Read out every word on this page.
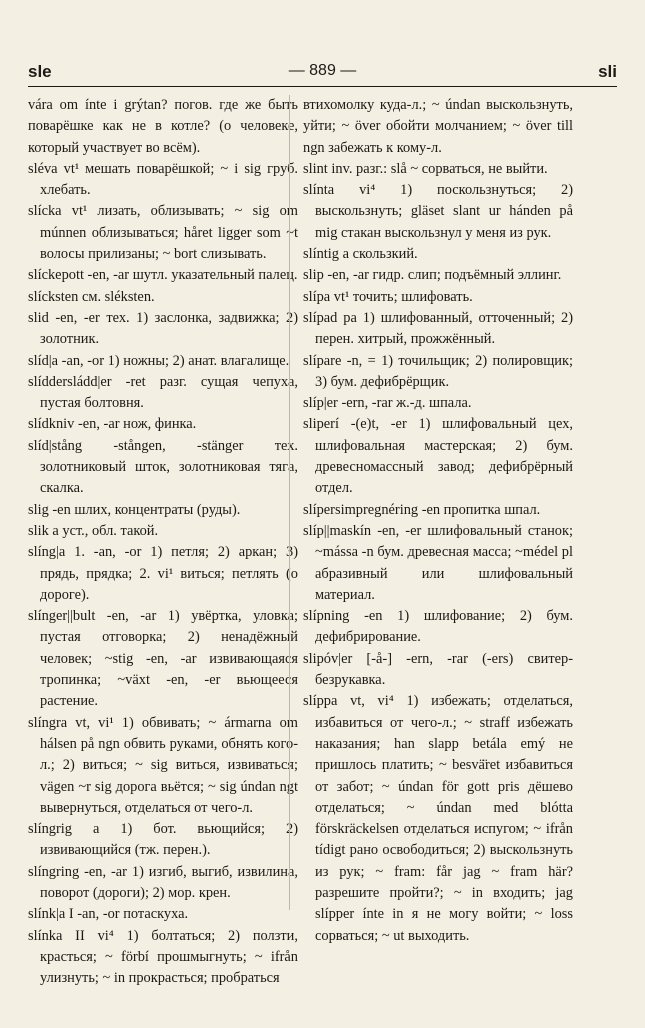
sle	— 889 —	sli

vára om ínte i grýtan? погов. где же быть поварёшке как не в котле? (о человеке, который участвует во всём).

sléva vt¹ мешать поварёшкой; ~ i sig груб. хлебать.

slícka vt¹ лизать, облизывать; ~ sig om múnnen облизываться; håret ligger som ~t волосы прилизаны; ~ bort слизывать.

slíckepott -en, -ar шутл. указательный палец.

slícksten см. sléksten.

slid -en, -er тех. 1) заслонка, задвижка; 2) золотник.

slíd|a -an, -or 1) ножны; 2) анат. влагалище.

slíddersládd|er -ret разг. сущая чепуха, пустая болтовня.

slídkniv -en, -ar нож, финка.

slíd|stång -stången, -stänger тех. золотниковый шток, золотниковая тяга, скалка.

slig -en шлих, концентраты (руды).

slik a уст., обл. такой.

slíng|a 1. -an, -or 1) петля; 2) аркан; 3) прядь, прядка; 2. vi¹ виться; петлять (о дороге).

slínger||bult -en, -ar 1) увёртка, уловка; пустая отговорка; 2) ненадёжный человек; ~stig -en, -ar извивающаяся тропинка; ~växt -en, -er вьющееся растение.

slíngra vt, vi¹ 1) обвивать; ~ ármarna om hálsen på ngn обвить руками, обнять кого-л.; 2) виться; ~ sig виться, извиваться; vägen ~r sig дорога вьётся; ~ sig úndan ngt вывернуться, отделаться от чего-л.

slíngrig a 1) бот. вьющийся; 2) извивающийся (тж. перен.).

slíngring -en, -ar 1) изгиб, выгиб, извилина, поворот (дороги); 2) мор. крен.

slínk|a I -an, -or потаскуха.

slínka II vi⁴ 1) болтаться; 2) ползти, красться; ~ förbí прошмыгнуть; ~ ifrån улизнуть; ~ in прокрасться; пробраться

втихомолку куда-л.; ~ úndan выскользнуть, уйти; ~ över обойти молчанием; ~ över till ngn забежать к кому-л.

slint inv. разг.: slå ~ сорваться, не выйти.

slínta vi⁴ 1) поскользнуться; 2) выскользнуть; gläset slant ur hánden på mig стакан выскользнул у меня из рук.

slíntig a скользкий.

slip -en, -ar гидр. слип; подъёмный эллинг.

slípa vt¹ точить; шлифовать.

slípad pa 1) шлифованный, отточенный; 2) перен. хитрый, прожжённый.

slípare -n, = 1) точильщик; 2) полировщик; 3) бум. дефибрёрщик.

slíp|er -ern, -rar ж.-д. шпала.

sliperí -(e)t, -er 1) шлифовальный цех, шлифовальная мастерская; 2) бум. древесномассный завод; дефибрёрный отдел.

slípersimpregnéring -en пропитка шпал.

slíp||maskín -en, -er шлифовальный станок; ~mássa -n бум. древесная масса; ~médel pl абразивный или шлифовальный материал.

slípning -en 1) шлифование; 2) бум. дефибрирование.

slipóv|er [-å-] -ern, -rar (-ers) свитер-безрукавка.

slíppa vt, vi⁴ 1) избежать; отделаться, избавиться от чего-л.; ~ straff избежать наказания; han slapp betála emý не пришлось платить; ~ besvä̈ret избавиться от забот; ~ úndan för gott pris дёшево отделаться; ~ úndan med blótta förskräckelsen отделаться испугом; ~ ifrån tídigt рано освободиться; 2) выскользнуть из рук; ~ fram: får jag ~ fram här? разрешите пройти?; ~ in входить; jag slípper ínte in я не могу войти; ~ loss сорваться; ~ ut выходить.
